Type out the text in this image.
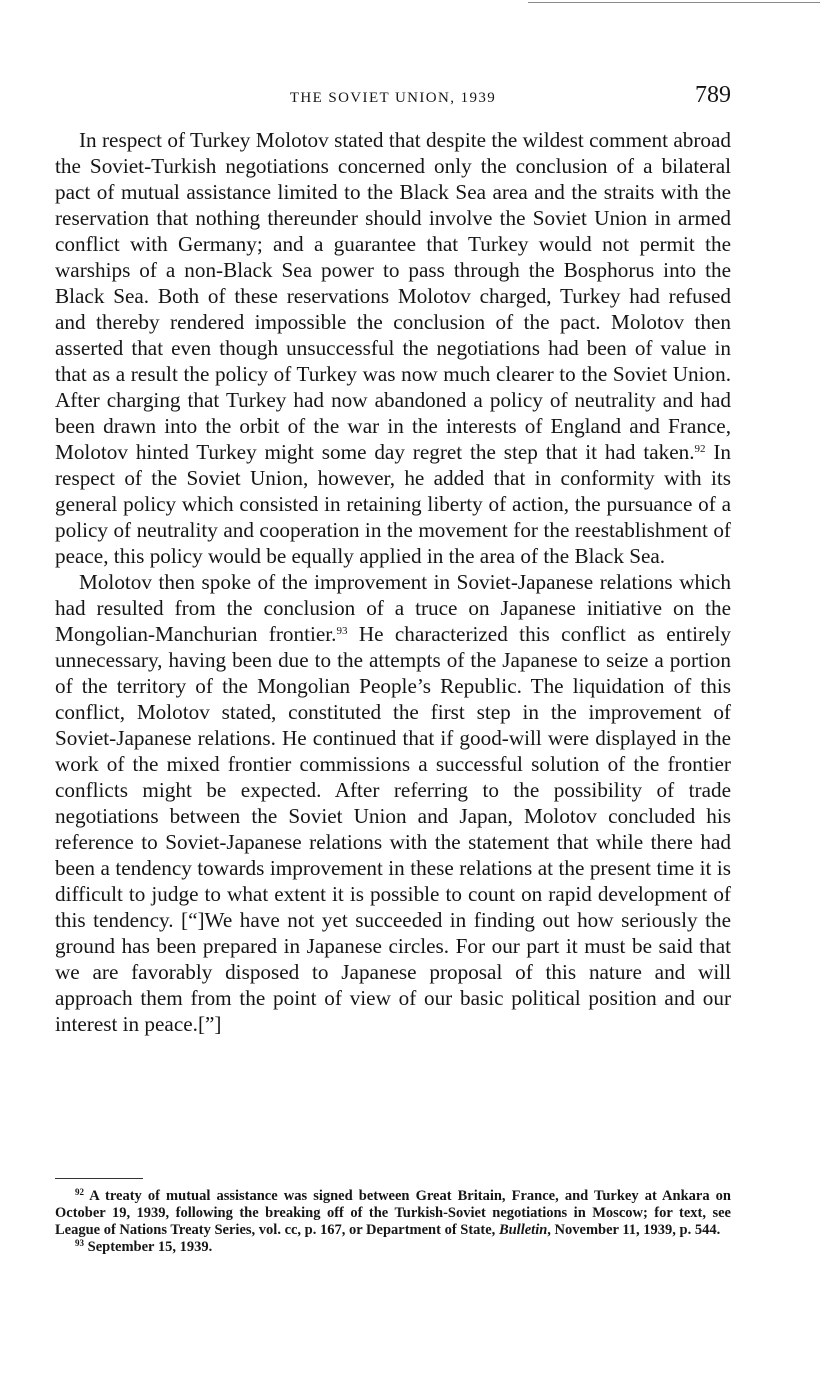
THE SOVIET UNION, 1939	789

In respect of Turkey Molotov stated that despite the wildest comment abroad the Soviet-Turkish negotiations concerned only the conclusion of a bilateral pact of mutual assistance limited to the Black Sea area and the straits with the reservation that nothing thereunder should involve the Soviet Union in armed conflict with Germany; and a guarantee that Turkey would not permit the warships of a non-Black Sea power to pass through the Bosphorus into the Black Sea. Both of these reservations Molotov charged, Turkey had refused and thereby rendered impossible the conclusion of the pact. Molotov then asserted that even though unsuccessful the negotiations had been of value in that as a result the policy of Turkey was now much clearer to the Soviet Union. After charging that Turkey had now abandoned a policy of neutrality and had been drawn into the orbit of the war in the interests of England and France, Molotov hinted Turkey might some day regret the step that it had taken.$^{92}$ In respect of the Soviet Union, however, he added that in conformity with its general policy which consisted in retaining liberty of action, the pursuance of a policy of neutrality and cooperation in the movement for the reestablishment of peace, this policy would be equally applied in the area of the Black Sea.

Molotov then spoke of the improvement in Soviet-Japanese relations which had resulted from the conclusion of a truce on Japanese initiative on the Mongolian-Manchurian frontier.$^{93}$ He characterized this conflict as entirely unnecessary, having been due to the attempts of the Japanese to seize a portion of the territory of the Mongolian People’s Republic. The liquidation of this conflict, Molotov stated, constituted the first step in the improvement of Soviet-Japanese relations. He continued that if good-will were displayed in the work of the mixed frontier commissions a successful solution of the frontier conflicts might be expected. After referring to the possibility of trade negotiations between the Soviet Union and Japan, Molotov concluded his reference to Soviet-Japanese relations with the statement that while there had been a tendency towards improvement in these relations at the present time it is difficult to judge to what extent it is possible to count on rapid development of this tendency. [“]We have not yet succeeded in finding out how seriously the ground has been prepared in Japanese circles. For our part it must be said that we are favorably disposed to Japanese proposal of this nature and will approach them from the point of view of our basic political position and our interest in peace.[”]

$^{92}$ A treaty of mutual assistance was signed between Great Britain, France, and Turkey at Ankara on October 19, 1939, following the breaking off of the Turkish-Soviet negotiations in Moscow; for text, see League of Nations Treaty Series, vol. cc, p. 167, or Department of State, Bulletin, November 11, 1939, p. 544.

$^{93}$ September 15, 1939.
